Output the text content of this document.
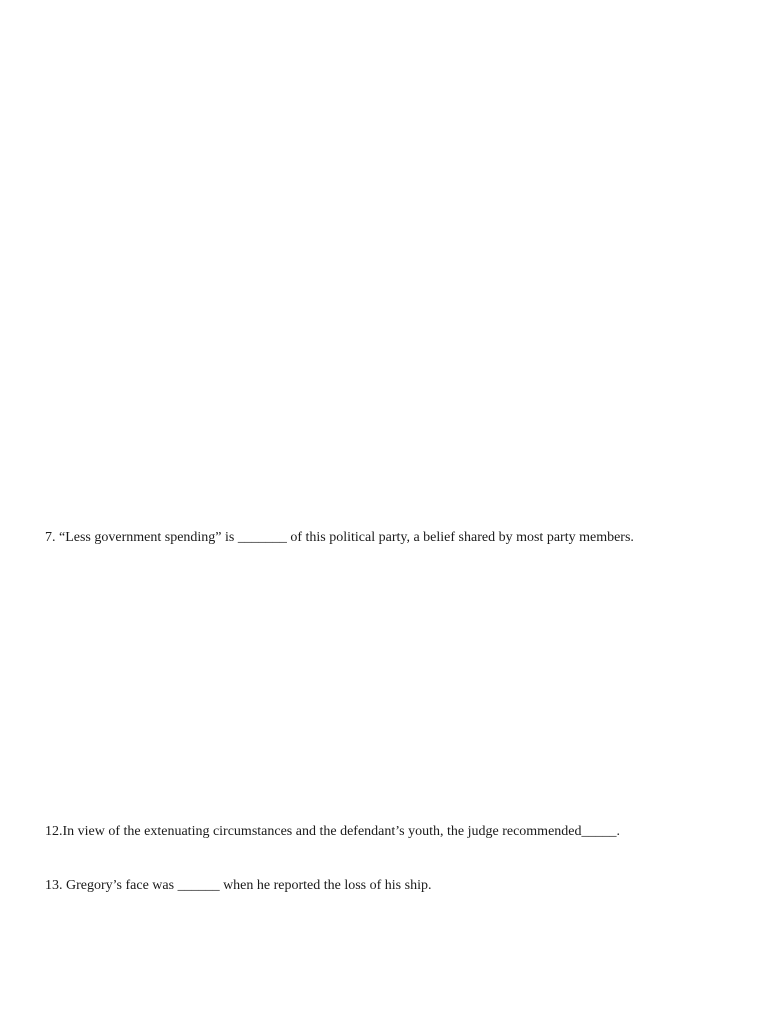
7. “Less government spending” is _______ of this political party, a belief shared by most party members.

12.In view of the extenuating circumstances and the defendant’s youth, the judge recommended_____.

13. Gregory’s face was ______ when he reported the loss of his ship.
